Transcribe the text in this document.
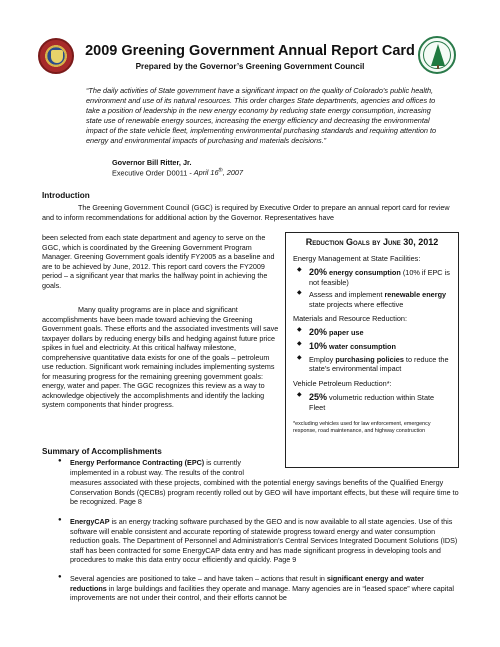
2009 Greening Government Annual Report Card
Prepared by the Governor’s Greening Government Council
“The daily activities of State government have a significant impact on the quality of Colorado’s public health, environment and use of its natural resources. This order charges State departments, agencies and offices to take a position of leadership in the new energy economy by reducing state energy consumption, increasing state use of renewable energy sources, increasing the energy efficiency and decreasing the environmental impact of the state vehicle fleet, implementing environmental purchasing standards and requiring attention to energy and environmental impacts of purchasing and materials decisions.”
Governor Bill Ritter, Jr.
Executive Order D0011 - April 16th, 2007
Introduction
The Greening Government Council (GGC) is required by Executive Order to prepare an annual report card for review and to inform recommendations for additional action by the Governor. Representatives have
been selected from each state department and agency to serve on the GGC, which is coordinated by the Greening Government Program Manager. Greening Government goals identify FY2005 as a baseline and are to be achieved by June, 2012. This report card covers the FY2009 period – a significant year that marks the halfway point in achieving the goals.
Many quality programs are in place and significant accomplishments have been made toward achieving the Greening Government goals. These efforts and the associated investments will save taxpayer dollars by reducing energy bills and hedging against future price spikes in fuel and electricity. At this critical halfway milestone, comprehensive quantitative data exists for one of the goals – petroleum use reduction. Significant work remaining includes implementing systems for measuring progress for the remaining greening government goals: energy, water and paper. The GGC recognizes this review as a way to acknowledge objectively the accomplishments and identify the lacking system components that hinder progress.
Reduction Goals by June 30, 2012
Energy Management at State Facilities:
◆ 20% energy consumption (10% if EPC is not feasible)
◆ Assess and implement renewable energy state projects where effective
Materials and Resource Reduction:
◆ 20% paper use
◆ 10% water consumption
◆ Employ purchasing policies to reduce the state’s environmental impact
Vehicle Petroleum Reduction*:
◆ 25% volumetric reduction within State Fleet
*excluding vehicles used for law enforcement, emergency response, road maintenance, and highway construction
Summary of Accomplishments
● Energy Performance Contracting (EPC) is currently implemented in a robust way. The results of the control
measures associated with these projects, combined with the potential energy savings benefits of the Qualified Energy Conservation Bonds (QECBs) program recently rolled out by GEO will have important effects, but these will require time to be recognized. Page 8
● EnergyCAP is an energy tracking software purchased by the GEO and is now available to all state agencies. Use of this software will enable consistent and accurate reporting of statewide progress toward energy and water consumption reduction goals. The Department of Personnel and Administration’s Central Services Integrated Document Solutions (IDS) staff has been contracted for some EnergyCAP data entry and has made significant progress in developing tools and procedures to make this data entry occur efficiently and quickly. Page 9
● Several agencies are positioned to take – and have taken – actions that result in significant energy and water reductions in large buildings and facilities they operate and manage. Many agencies are in “leased space” where capital improvements are not under their control, and their efforts cannot be
